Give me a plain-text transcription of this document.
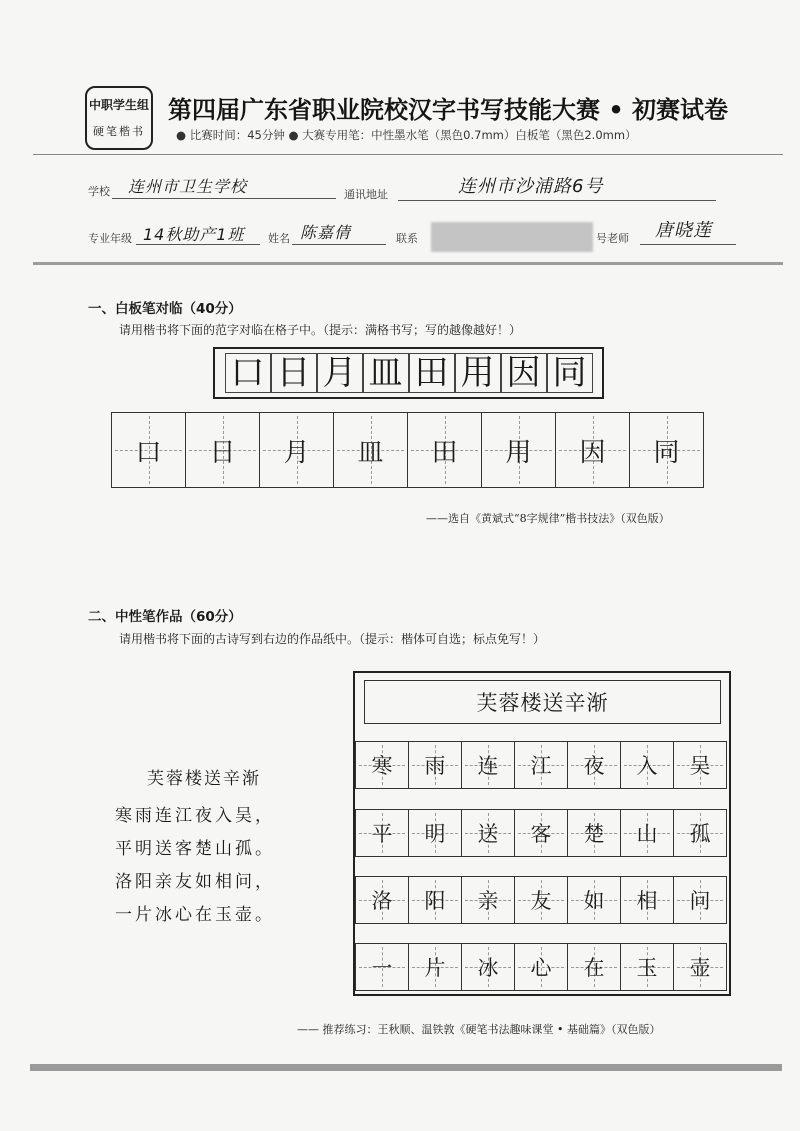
中职学生组
硬笔楷书
第四届广东省职业院校汉字书写技能大赛 • 初赛试卷
● 比赛时间：45分钟 ● 大赛专用笔：中性墨水笔（黑色0.7mm）白板笔（黑色2.0mm）
学校 连州市卫生学校	通讯地址	连州市沙浦路6号
专业年级 14秋助产1班 姓名 陈嘉倩	联系	号老师 唐晓莲
一、白板笔对临（40分）
请用楷书将下面的范字对临在格子中。（提示：满格书写；写的越像越好！）
口 日 月 皿 田 用 因 同
口 日 月 皿 田 用 因 同
——选自《黄斌式“8字规律”楷书技法》（双色版）
二、中性笔作品（60分）
请用楷书将下面的古诗写到右边的作品纸中。（提示：楷体可自选；标点免写！）
芙蓉楼送辛渐
寒雨连江夜入吴，
平明送客楚山孤。
洛阳亲友如相问，
一片冰心在玉壶。
芙蓉楼送辛渐
寒 雨 连 江 夜 入 吴
平 明 送 客 楚 山 孤
洛 阳 亲 友 如 相 问
一 片 冰 心 在 玉 壶
—— 推荐练习：王秋顺、温铁敦《硬笔书法趣味课堂 • 基础篇》（双色版）
